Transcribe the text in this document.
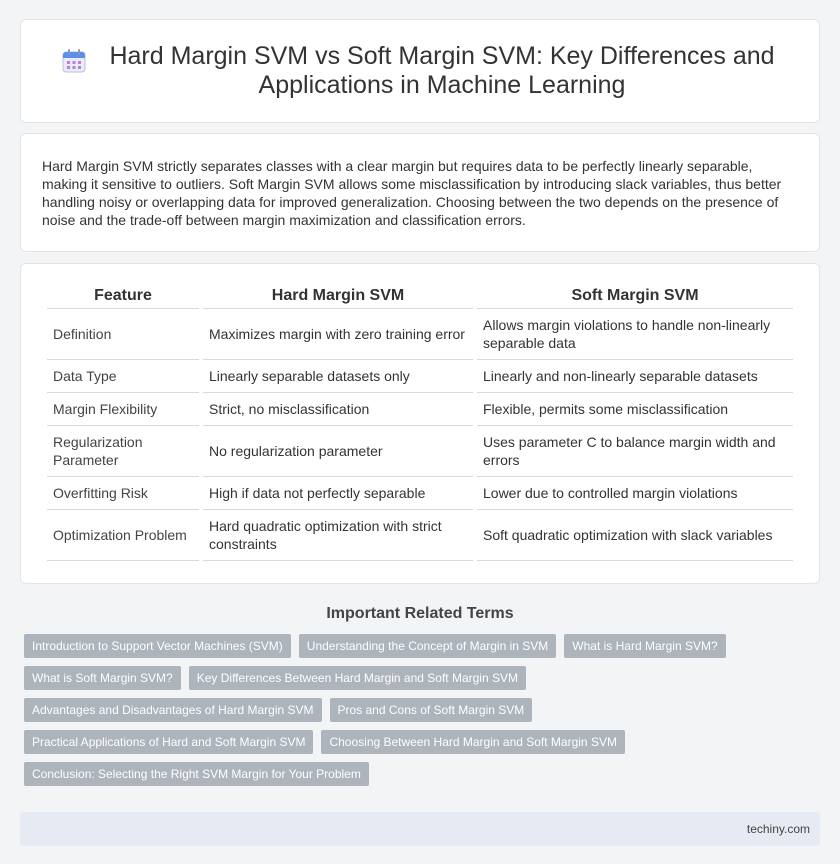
Hard Margin SVM vs Soft Margin SVM: Key Differences and Applications in Machine Learning

Hard Margin SVM strictly separates classes with a clear margin but requires data to be perfectly linearly separable, making it sensitive to outliers. Soft Margin SVM allows some misclassification by introducing slack variables, thus better handling noisy or overlapping data for improved generalization. Choosing between the two depends on the presence of noise and the trade-off between margin maximization and classification errors.

Feature	Hard Margin SVM	Soft Margin SVM
Definition	Maximizes margin with zero training error	Allows margin violations to handle non-linearly separable data
Data Type	Linearly separable datasets only	Linearly and non-linearly separable datasets
Margin Flexibility	Strict, no misclassification	Flexible, permits some misclassification
Regularization Parameter	No regularization parameter	Uses parameter C to balance margin width and errors
Overfitting Risk	High if data not perfectly separable	Lower due to controlled margin violations
Optimization Problem	Hard quadratic optimization with strict constraints	Soft quadratic optimization with slack variables
Important Related Terms
Introduction to Support Vector Machines (SVM)	Understanding the Concept of Margin in SVM	What is Hard Margin SVM?
What is Soft Margin SVM?	Key Differences Between Hard Margin and Soft Margin SVM
Advantages and Disadvantages of Hard Margin SVM	Pros and Cons of Soft Margin SVM
Practical Applications of Hard and Soft Margin SVM	Choosing Between Hard Margin and Soft Margin SVM
Conclusion: Selecting the Right SVM Margin for Your Problem
techiny.com
